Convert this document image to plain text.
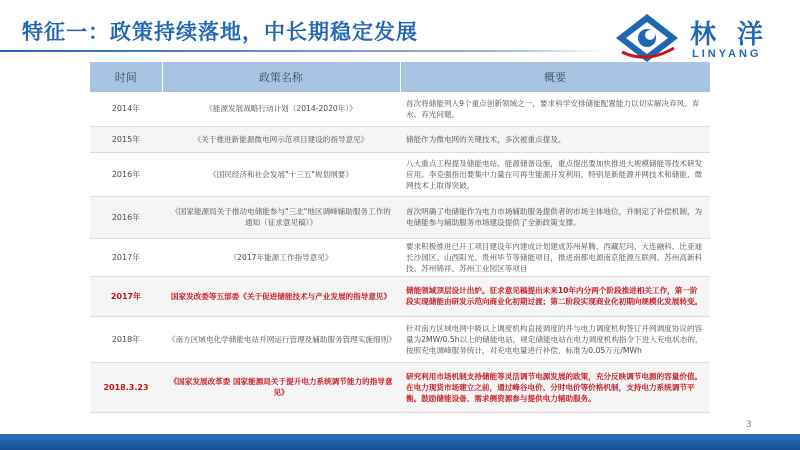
特征一：政策持续落地，中长期稳定发展	林 洋
LINYANG
时间	政策名称	概要
2014年	《能源发展战略行动计划（2014-2020年）》	首次将储能列入9个重点创新领域之一，要求科学安排储能配置能力以切实解决弃风、弃水、弃光问题。
2015年	《关于推进新能源微电网示范项目建设的指导意见》	储能作为微电网的关键技术，多次被重点提及。
2016年	《国民经济和社会发展"十三五"规划纲要》	八大重点工程提及储能电站、能源储备设施，重点提出要加快推进大规模储能等技术研发应用。李克强指出要集中力量在可再生能源开发利用，特别是新能源并网技术和储能、微网技术上取得突破。
2016年	《国家能源局关于推动电储能参与"三北"地区调峰辅助服务工作的通知（征求意见稿）》	首次明确了电储能作为电力市场辅助服务提供者的市场主体地位，并制定了补偿机制，为电储能参与辅助服务市场建设提供了全新政策支撑。
2017年	《2017年能源工作指导意见》	要求积极推进已开工项目建设年内建成计划建成苏州昇腾、西藏尼玛、大连融科、比亚迪长沙园区、山西阳光、贵州毕节等储能项目，推进南都电源南京能源互联网、苏州高新科技、苏州锦祥、苏州工业园区等项目
2017年	国家发改委等五部委《关于促进储能技术与产业发展的指导意见》	储能领域顶层设计出炉。征求意见稿提出未来10年内分两个阶段推进相关工作，第一阶段实现储能由研发示范向商业化初期过渡；第二阶段实现商业化初期向规模化发展转变。
2018年	《南方区域电化学储能电站并网运行管理及辅助服务管理实施细则》	针对南方区域电网中吸以上调度机构直接调度的并与电力调度机构签订并网调度协议的容量为2MW/0.5h以上的储能电站，规定储能电站在电力调度机构指令下进入充电状态的，按照充电调峰服务统计，对充电电量进行补偿，标准为0.05万元/MWh
2018.3.23	《国家发展改革委 国家能源局关于提升电力系统调节能力的指导意见》	研究利用市场机制支持储能等灵活调节电源发展的政策，充分反映调节电源的容量价值。在电力现货市场建立之前，通过峰谷电价、分时电价等价格机制，支持电力系统调节平衡。鼓励储能设备、需求侧资源参与提供电力辅助服务。
3
